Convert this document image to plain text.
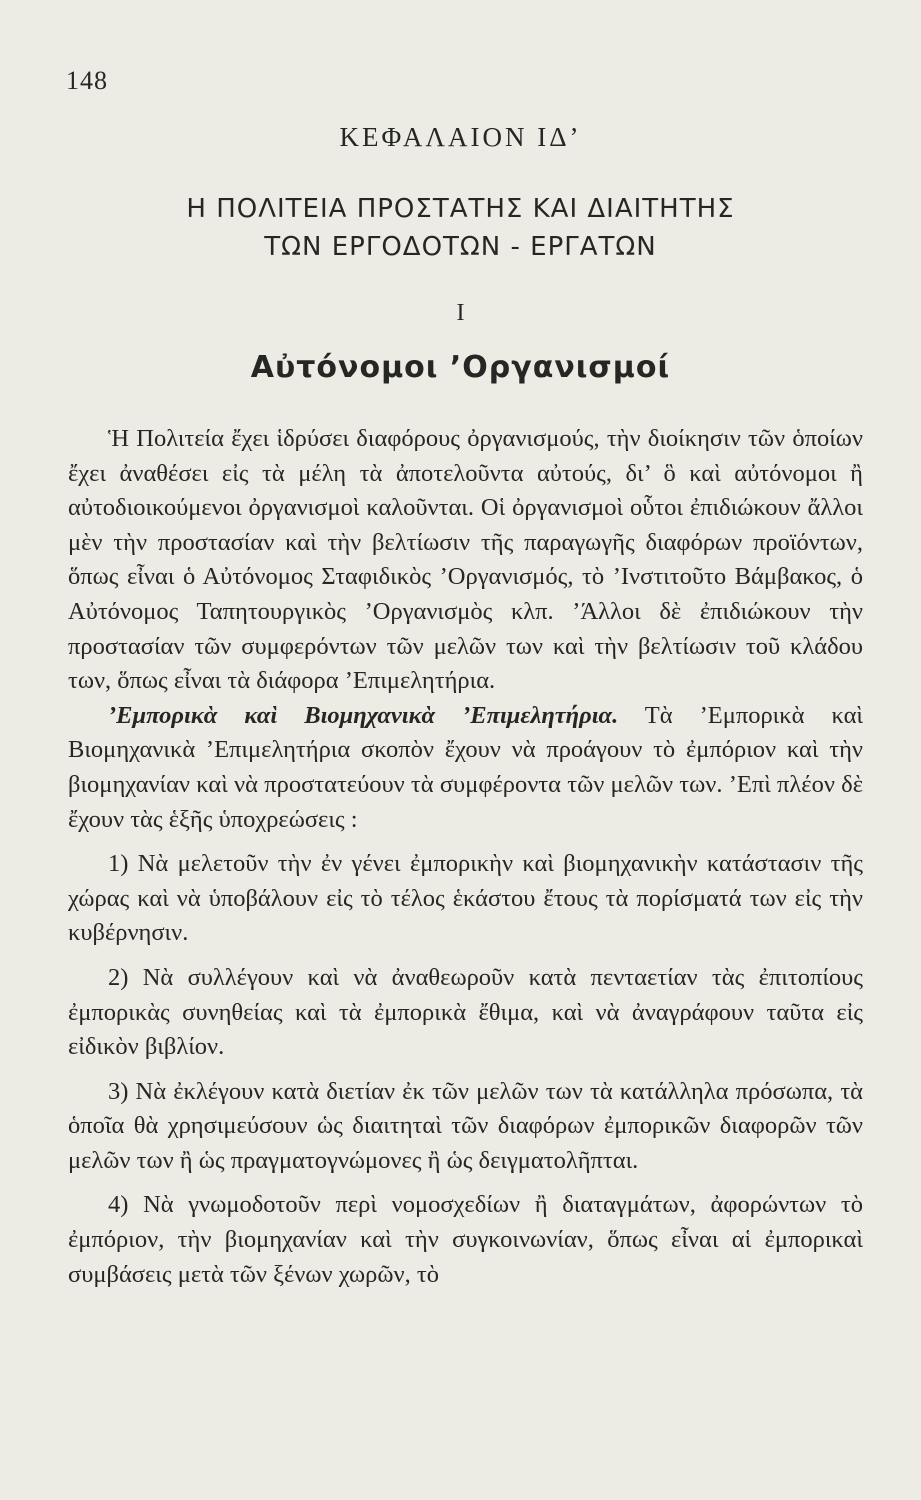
148
ΚΕΦΑΛΑΙΟΝ ΙΔ’
Η ΠΟΛΙΤΕΙΑ ΠΡΟΣΤΑΤΗΣ ΚΑΙ ΔΙΑΙΤΗΤΗΣ
ΤΩΝ ΕΡΓΟΔΟΤΩΝ - ΕΡΓΑΤΩΝ
I
Αὐτόνομοι ’Οργανισμοί

Ἡ Πολιτεία ἔχει ἱδρύσει διαφόρους ὀργανισμούς, τὴν διοίκησιν τῶν ὁποίων ἔχει ἀναθέσει εἰς τὰ μέλη τὰ ἀποτελοῦντα αὐτούς, δι’ ὃ καὶ αὐτόνομοι ἢ αὐτοδιοικούμενοι ὀργανισμοὶ καλοῦνται. Οἱ ὀργανισμοὶ οὗτοι ἐπιδιώκουν ἄλλοι μὲν τὴν προστασίαν καὶ τὴν βελτίωσιν τῆς παραγωγῆς διαφόρων προϊόντων, ὅπως εἶναι ὁ Αὐτόνομος Σταφιδικὸς ’Οργανισμός, τὸ ’Ινστιτοῦτο Βάμβακος, ὁ Αὐτόνομος Ταπητουργικὸς ’Οργανισμὸς κλπ. ’Άλλοι δὲ ἐπιδιώκουν τὴν προστασίαν τῶν συμφερόντων τῶν μελῶν των καὶ τὴν βελτίωσιν τοῦ κλάδου των, ὅπως εἶναι τὰ διάφορα ’Επιμελητήρια.

’Εμπορικὰ καὶ Βιομηχανικὰ ’Επιμελητήρια. Τὰ ’Εμπορικὰ καὶ Βιομηχανικὰ ’Επιμελητήρια σκοπὸν ἔχουν νὰ προάγουν τὸ ἐμπόριον καὶ τὴν βιομηχανίαν καὶ νὰ προστατεύουν τὰ συμφέροντα τῶν μελῶν των. ’Επὶ πλέον δὲ ἔχουν τὰς ἑξῆς ὑποχρεώσεις :

1) Νὰ μελετοῦν τὴν ἐν γένει ἐμπορικὴν καὶ βιομηχανικὴν κατάστασιν τῆς χώρας καὶ νὰ ὑποβάλουν εἰς τὸ τέλος ἑκάστου ἔτους τὰ πορίσματά των εἰς τὴν κυβέρνησιν.

2) Νὰ συλλέγουν καὶ νὰ ἀναθεωροῦν κατὰ πενταετίαν τὰς ἐπιτοπίους ἐμπορικὰς συνηθείας καὶ τὰ ἐμπορικὰ ἔθιμα, καὶ νὰ ἀναγράφουν ταῦτα εἰς εἰδικὸν βιβλίον.

3) Νὰ ἐκλέγουν κατὰ διετίαν ἐκ τῶν μελῶν των τὰ κατάλληλα πρόσωπα, τὰ ὁποῖα θὰ χρησιμεύσουν ὡς διαιτηταὶ τῶν διαφόρων ἐμπορικῶν διαφορῶν τῶν μελῶν των ἢ ὡς πραγματογνώμονες ἢ ὡς δειγματολῆπται.

4) Νὰ γνωμοδοτοῦν περὶ νομοσχεδίων ἢ διαταγμάτων, ἀφορώντων τὸ ἐμπόριον, τὴν βιομηχανίαν καὶ τὴν συγκοινωνίαν, ὅπως εἶναι αἱ ἐμπορικαὶ συμβάσεις μετὰ τῶν ξένων χωρῶν, τὸ
